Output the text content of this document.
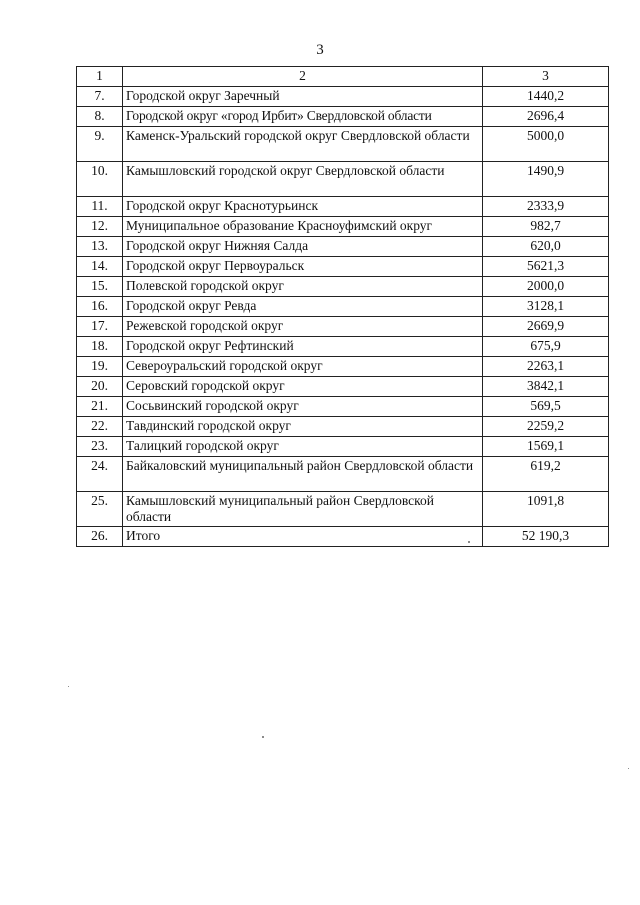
3
1	2	3
7.	Городской округ Заречный	1440,2
8.	Городской округ «город Ирбит» Свердловской области	2696,4
9.	Каменск-Уральский городской округ Свердловской области	5000,0
10.	Камышловский городской округ Свердловской области	1490,9
11.	Городской округ Краснотурьинск	2333,9
12.	Муниципальное образование Красноуфимский округ	982,7
13.	Городской округ Нижняя Салда	620,0
14.	Городской округ Первоуральск	5621,3
15.	Полевской городской округ	2000,0
16.	Городской округ Ревда	3128,1
17.	Режевской городской округ	2669,9
18.	Городской округ Рефтинский	675,9
19.	Североуральский городской округ	2263,1
20.	Серовский городской округ	3842,1
21.	Сосьвинский городской округ	569,5
22.	Тавдинский городской округ	2259,2
23.	Талицкий городской округ	1569,1
24.	Байкаловский муниципальный район Свердловской области	619,2
25.	Камышловский муниципальный район Свердловской области	1091,8
26.	Итого	52 190,3
